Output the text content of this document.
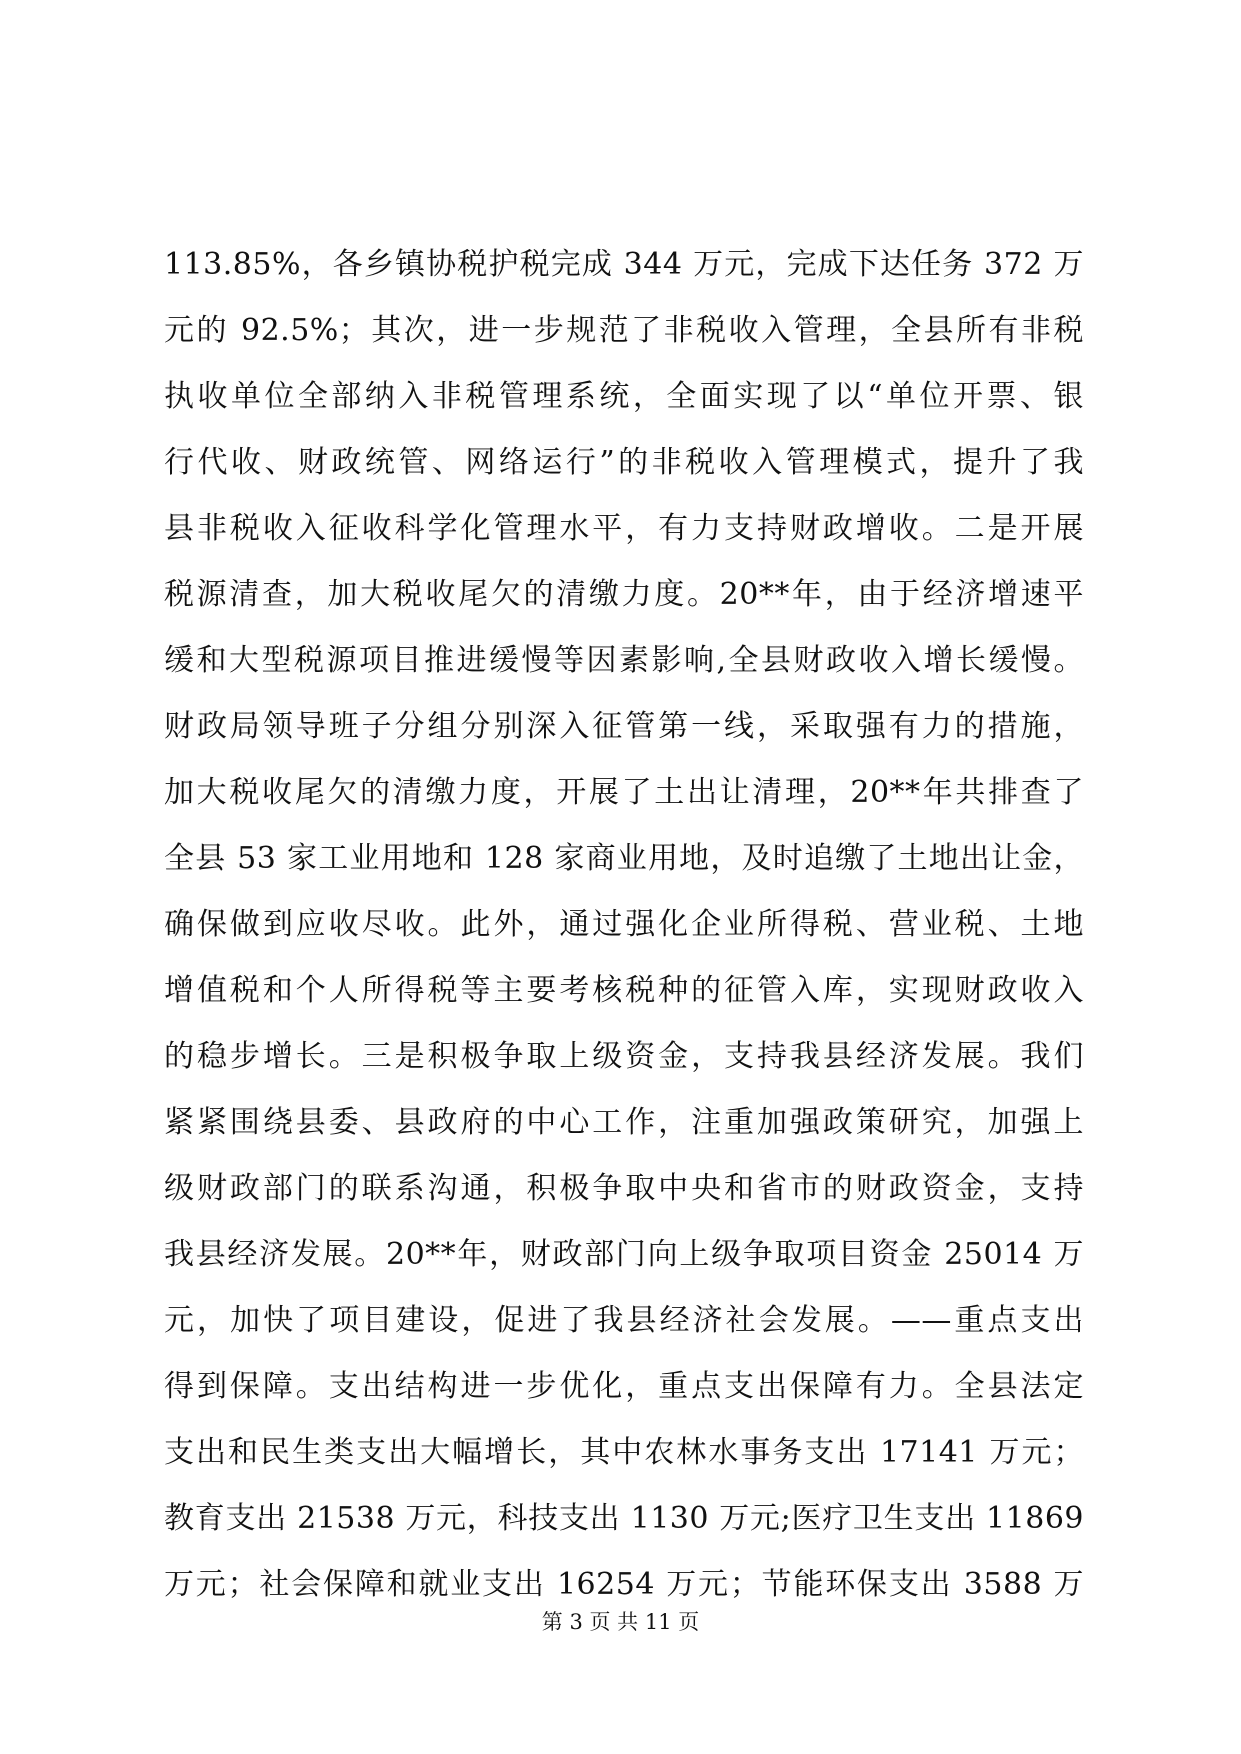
113.85%，各乡镇协税护税完成 344 万元，完成下达任务 372 万
元的 92.5%；其次，进一步规范了非税收入管理，全县所有非税
执收单位全部纳入非税管理系统，全面实现了以“单位开票、银
行代收、财政统管、网络运行”的非税收入管理模式，提升了我
县非税收入征收科学化管理水平，有力支持财政增收。二是开展
税源清查，加大税收尾欠的清缴力度。20**年，由于经济增速平
缓和大型税源项目推进缓慢等因素影响,全县财政收入增长缓慢。
财政局领导班子分组分别深入征管第一线，采取强有力的措施，
加大税收尾欠的清缴力度，开展了土出让清理，20**年共排查了
全县 53 家工业用地和 128 家商业用地，及时追缴了土地出让金，
确保做到应收尽收。此外，通过强化企业所得税、营业税、土地
增值税和个人所得税等主要考核税种的征管入库，实现财政收入
的稳步增长。三是积极争取上级资金，支持我县经济发展。我们
紧紧围绕县委、县政府的中心工作，注重加强政策研究，加强上
级财政部门的联系沟通，积极争取中央和省市的财政资金，支持
我县经济发展。20**年，财政部门向上级争取项目资金 25014 万
元，加快了项目建设，促进了我县经济社会发展。——重点支出
得到保障。支出结构进一步优化，重点支出保障有力。全县法定
支出和民生类支出大幅增长，其中农林水事务支出 17141 万元；
教育支出 21538 万元，科技支出 1130 万元;医疗卫生支出 11869
万元；社会保障和就业支出 16254 万元；节能环保支出 3588 万
第 3 页 共 11 页
